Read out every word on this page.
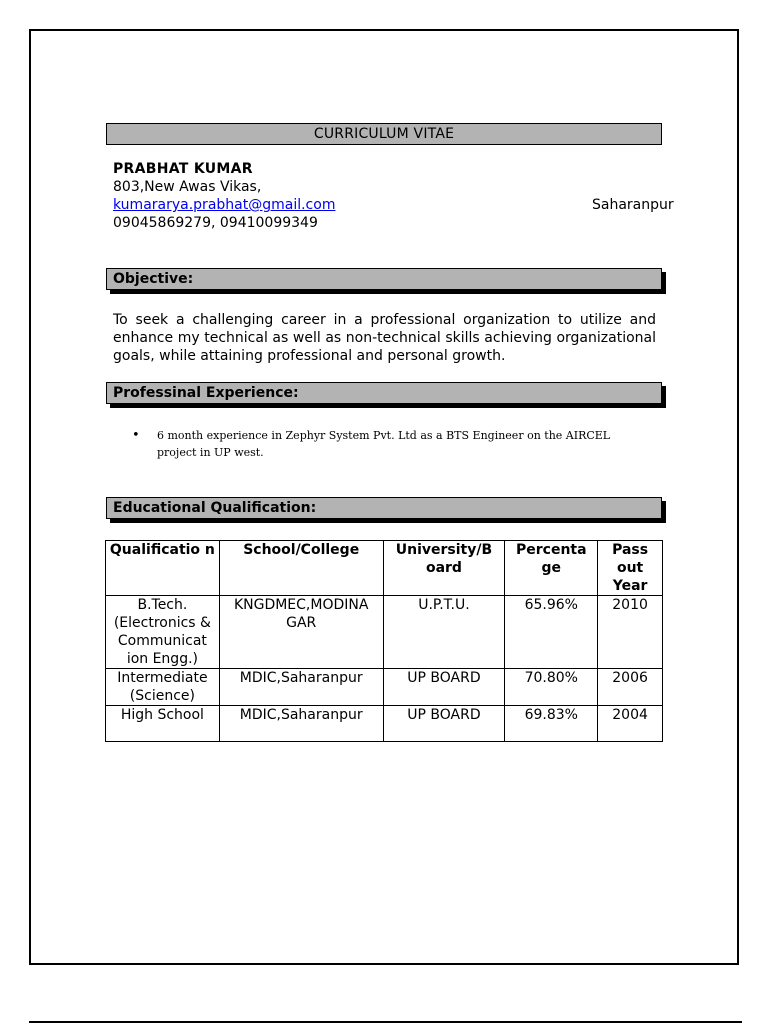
CURRICULUM VITAE
PRABHAT KUMAR
803,New Awas Vikas,
kumararya.prabhat@gmail.com	Saharanpur
09045869279, 09410099349
Objective:
To seek a challenging career in a professional organization to utilize and enhance my technical as well as non-technical skills achieving organizational goals, while attaining professional and personal growth.
Professinal Experience:
• 6 month experience in Zephyr System Pvt. Ltd as a BTS Engineer on the AIRCEL project in UP west.
Educational Qualification:
Qualificatio n	School/College	University/B oard	Percenta ge	Pass out Year
B.Tech. (Electronics & Communicat ion Engg.)	KNGDMEC,MODINA GAR	U.P.T.U.	65.96%	2010
Intermediate (Science)	MDIC,Saharanpur	UP BOARD	70.80%	2006
High School	MDIC,Saharanpur	UP BOARD	69.83%	2004
